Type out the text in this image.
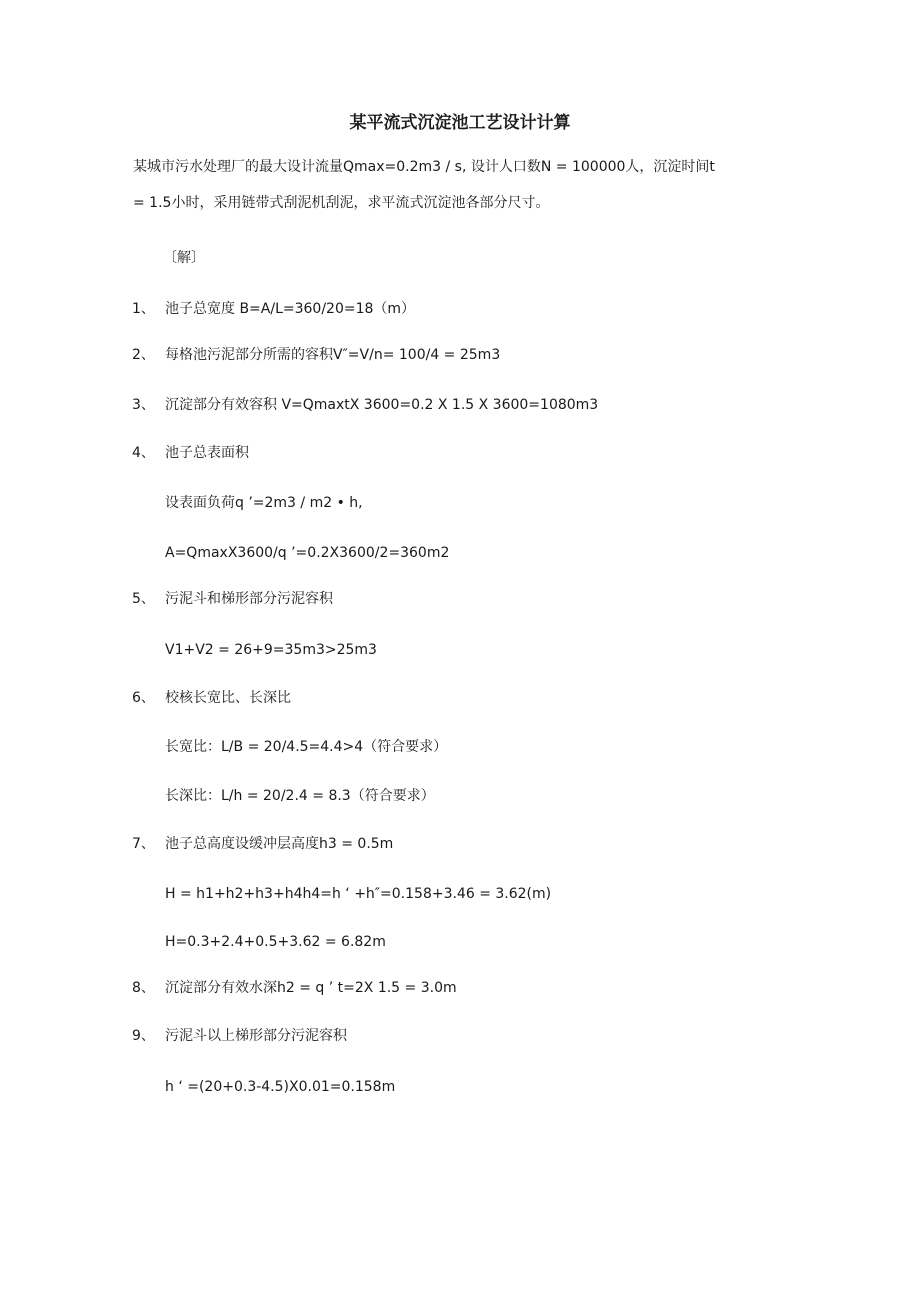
某平流式沉淀池工艺设计计算
某城市污水处理厂的最大设计流量Qmax=0.2m3 / s, 设计人口数N = 100000人，沉淀时间t
= 1.5小时，采用链带式刮泥机刮泥，求平流式沉淀池各部分尺寸。
〔解〕
1、 池子总宽度 B=A/L=360/20=18（m）
2、 每格池污泥部分所需的容积V″=V/n= 100/4 = 25m3
3、 沉淀部分有效容积 V=QmaxtX 3600=0.2 X 1.5 X 3600=1080m3
4、 池子总表面积
设表面负荷q ’=2m3 / m2 • h,
A=QmaxX3600/q ’=0.2X3600/2=360m2
5、 污泥斗和梯形部分污泥容积
V1+V2 = 26+9=35m3>25m3
6、 校核长宽比、长深比
长宽比：L/B = 20/4.5=4.4>4（符合要求）
长深比：L/h = 20/2.4 = 8.3（符合要求）
7、 池子总高度设缓冲层高度h3 = 0.5m
H = h1+h2+h3+h4h4=h ‘ +h″=0.158+3.46 = 3.62(m)
H=0.3+2.4+0.5+3.62 = 6.82m
8、 沉淀部分有效水深h2 = q ’ t=2X 1.5 = 3.0m
9、 污泥斗以上梯形部分污泥容积
h ‘ =(20+0.3-4.5)X0.01=0.158m
